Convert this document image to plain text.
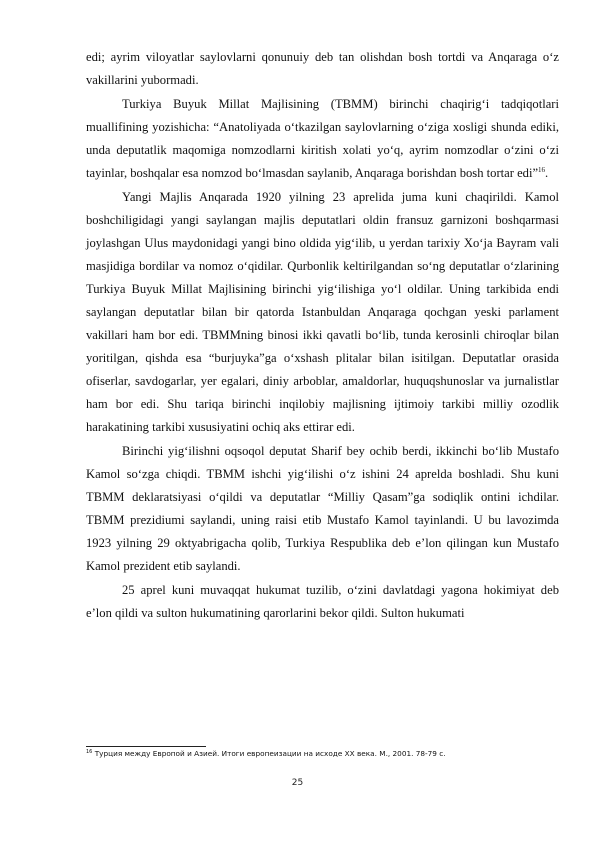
edi; ayrim viloyatlar saylovlarni qonunuiy deb tan olishdan bosh tortdi va Anqaraga o‘z vakillarini yubormadi.

Turkiya Buyuk Millat Majlisining (TBMM) birinchi chaqirig‘i tadqiqotlari muallifining yozishicha: “Anatoliyada o‘tkazilgan saylovlarning o‘ziga xosligi shunda ediki, unda deputatlik maqomiga nomzodlarni kiritish xolati yo‘q, ayrim nomzodlar o‘zini o‘zi tayinlar, boshqalar esa nomzod bo‘lmasdan saylanib, Anqaraga borishdan bosh tortar edi”$^{16}$.

Yangi Majlis Anqarada 1920 yilning 23 aprelida juma kuni chaqirildi. Kamol boshchiligidagi yangi saylangan majlis deputatlari oldin fransuz garnizoni boshqarmasi joylashgan Ulus maydonidagi yangi bino oldida yig‘ilib, u yerdan tarixiy Xo‘ja Bayram vali masjidiga bordilar va nomoz o‘qidilar. Qurbonlik keltirilgandan so‘ng deputatlar o‘zlarining Turkiya Buyuk Millat Majlisining birinchi yig‘ilishiga yo‘l oldilar. Uning tarkibida endi saylangan deputatlar bilan bir qatorda Istanbuldan Anqaraga qochgan yeski parlament vakillari ham bor edi. TBMMning binosi ikki qavatli bo‘lib, tunda kerosinli chiroqlar bilan yoritilgan, qishda esa “burjuyka”ga o‘xshash plitalar bilan isitilgan. Deputatlar orasida ofiserlar, savdogarlar, yer egalari, diniy arboblar, amaldorlar, huquqshunoslar va jurnalistlar ham bor edi. Shu tariqa birinchi inqilobiy majlisning ijtimoiy tarkibi milliy ozodlik harakatining tarkibi xususiyatini ochiq aks ettirar edi.

Birinchi yig‘ilishni oqsoqol deputat Sharif bey ochib berdi, ikkinchi bo‘lib Mustafo Kamol so‘zga chiqdi. TBMM ishchi yig‘ilishi o‘z ishini 24 aprelda boshladi. Shu kuni TBMM deklaratsiyasi o‘qildi va deputatlar “Milliy Qasam”ga sodiqlik ontini ichdilar. TBMM prezidiumi saylandi, uning raisi etib Mustafo Kamol tayinlandi. U bu lavozimda 1923 yilning 29 oktyabrigacha qolib, Turkiya Respublika deb e’lon qilingan kun Mustafo Kamol prezident etib saylandi.

25 aprel kuni muvaqqat hukumat tuzilib, o‘zini davlatdagi yagona hokimiyat deb e’lon qildi va sulton hukumatining qarorlarini bekor qildi. Sulton hukumati

$^{16}$ Турция между Европой и Азией. Итоги европеизации на исходе XX века. М., 2001. 78-79 с.
25
